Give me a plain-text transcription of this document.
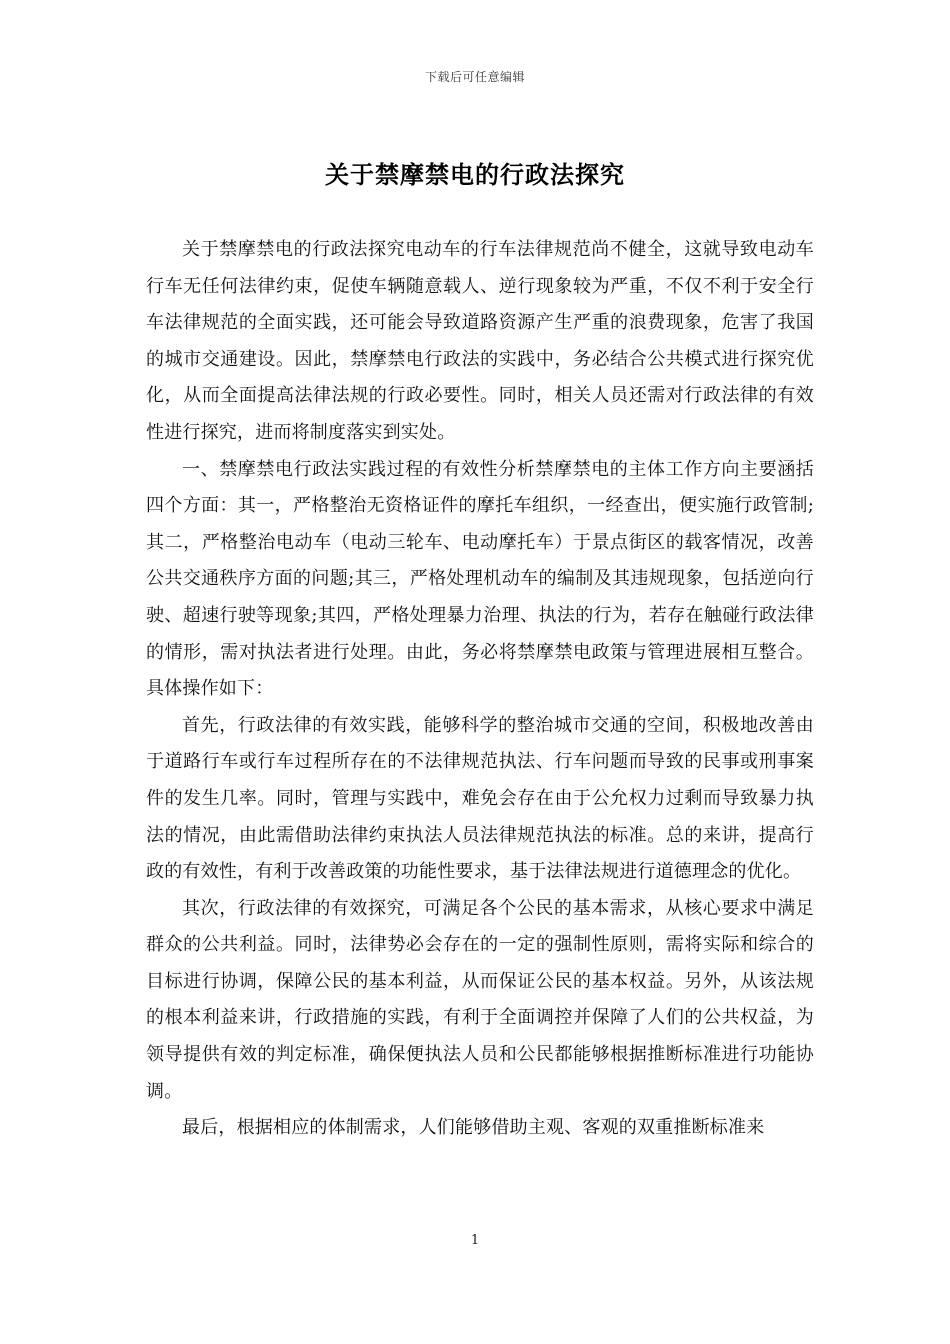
下载后可任意编辑
关于禁摩禁电的行政法探究

关于禁摩禁电的行政法探究电动车的行车法律规范尚不健全，这就导致电动车行车无任何法律约束，促使车辆随意载人、逆行现象较为严重，不仅不利于安全行车法律规范的全面实践，还可能会导致道路资源产生严重的浪费现象，危害了我国的城市交通建设。因此，禁摩禁电行政法的实践中，务必结合公共模式进行探究优化，从而全面提高法律法规的行政必要性。同时，相关人员还需对行政法律的有效性进行探究，进而将制度落实到实处。

一、禁摩禁电行政法实践过程的有效性分析禁摩禁电的主体工作方向主要涵括四个方面：其一，严格整治无资格证件的摩托车组织，一经查出，便实施行政管制;其二，严格整治电动车（电动三轮车、电动摩托车）于景点街区的载客情况，改善公共交通秩序方面的问题;其三，严格处理机动车的编制及其违规现象，包括逆向行驶、超速行驶等现象;其四，严格处理暴力治理、执法的行为，若存在触碰行政法律的情形，需对执法者进行处理。由此，务必将禁摩禁电政策与管理进展相互整合。具体操作如下：

首先，行政法律的有效实践，能够科学的整治城市交通的空间，积极地改善由于道路行车或行车过程所存在的不法律规范执法、行车问题而导致的民事或刑事案件的发生几率。同时，管理与实践中，难免会存在由于公允权力过剩而导致暴力执法的情况，由此需借助法律约束执法人员法律规范执法的标准。总的来讲，提高行政的有效性，有利于改善政策的功能性要求，基于法律法规进行道德理念的优化。

其次，行政法律的有效探究，可满足各个公民的基本需求，从核心要求中满足群众的公共利益。同时，法律势必会存在的一定的强制性原则，需将实际和综合的目标进行协调，保障公民的基本利益，从而保证公民的基本权益。另外，从该法规的根本利益来讲，行政措施的实践，有利于全面调控并保障了人们的公共权益，为领导提供有效的判定标准，确保便执法人员和公民都能够根据推断标准进行功能协调。

最后，根据相应的体制需求，人们能够借助主观、客观的双重推断标准来

1
